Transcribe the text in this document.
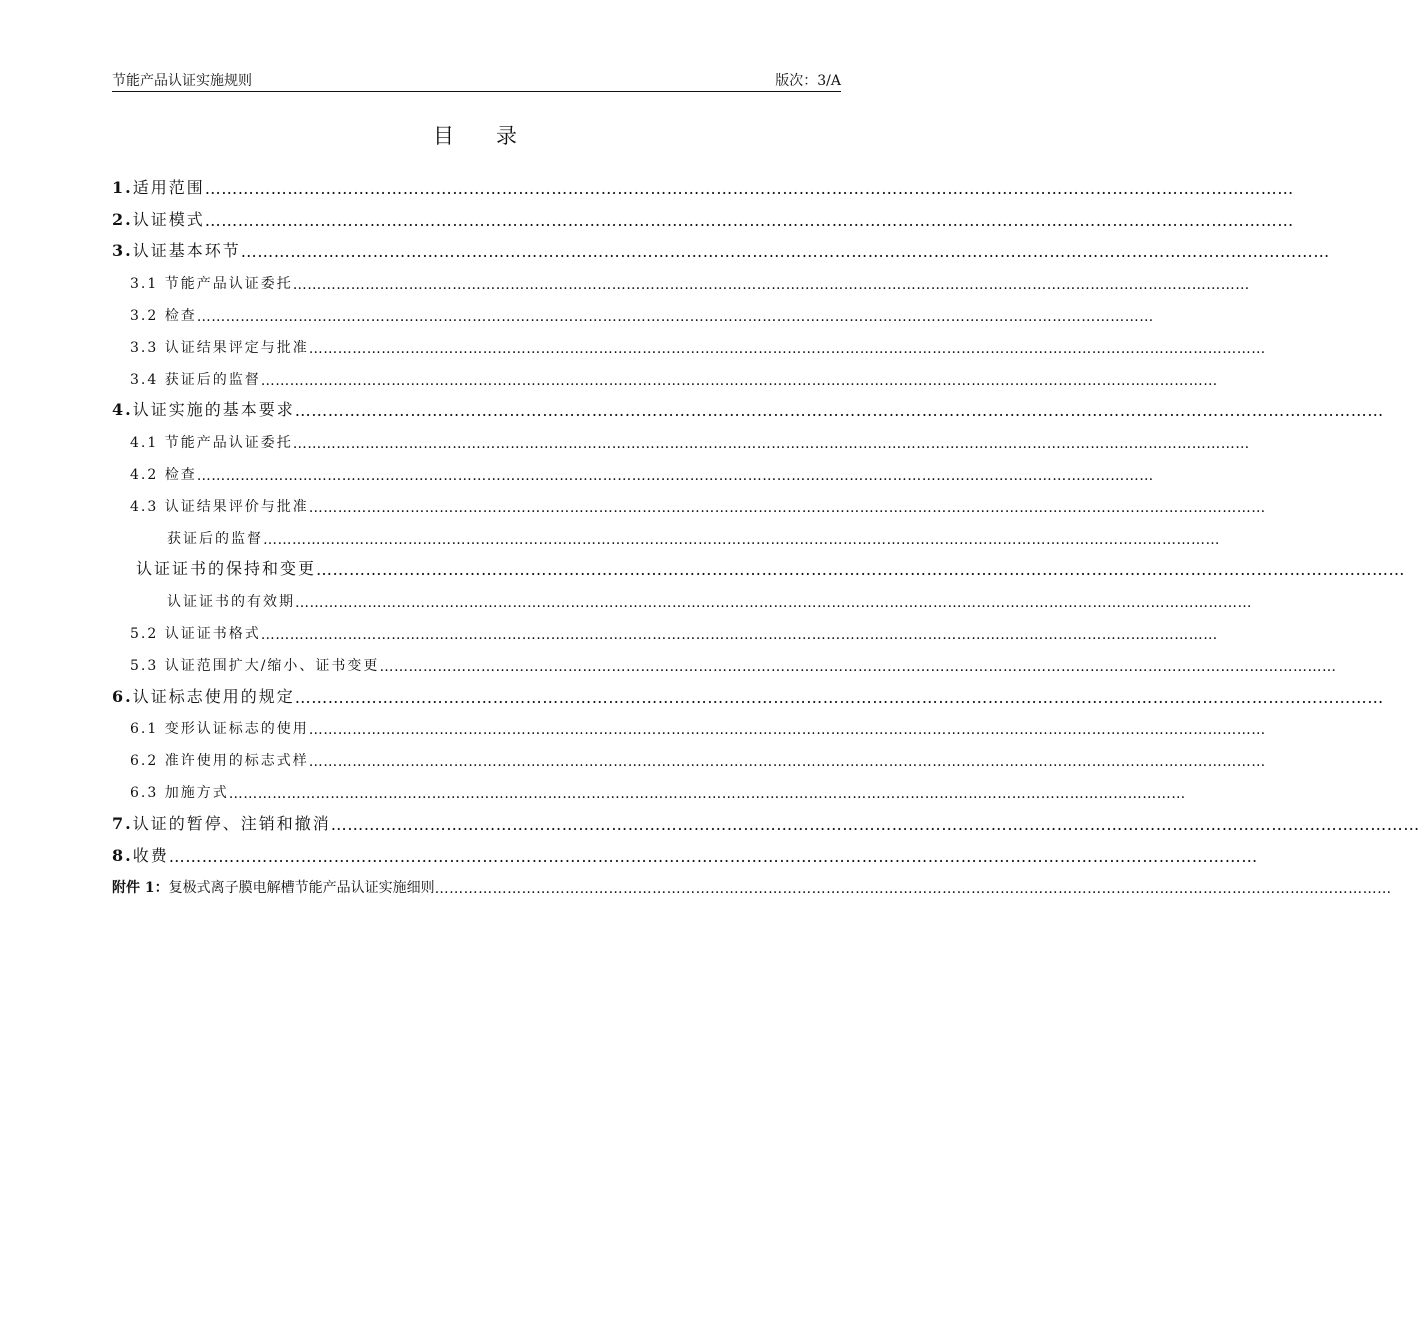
节能产品认证实施规则	版次：3/A
目录
1.适用范围 ………………………………………………………………………………………………………………………………………………………………………………
2.认证模式 ………………………………………………………………………………………………………………………………………………………………………………
3.认证基本环节 ………………………………………………………………………………………………………………………………………………………………………………
3.1 节能产品认证委托 ………………………………………………………………………………………………………………………………………………………………………………
3.2 检查 ………………………………………………………………………………………………………………………………………………………………………………
3.3 认证结果评定与批准 ………………………………………………………………………………………………………………………………………………………………………………
3.4 获证后的监督 ………………………………………………………………………………………………………………………………………………………………………………
4.认证实施的基本要求 ………………………………………………………………………………………………………………………………………………………………………………
4.1 节能产品认证委托 ………………………………………………………………………………………………………………………………………………………………………………
4.2 检查 ………………………………………………………………………………………………………………………………………………………………………………
4.3 认证结果评价与批准 ………………………………………………………………………………………………………………………………………………………………………………
获证后的监督 ………………………………………………………………………………………………………………………………………………………………………………
认证证书的保持和变更 ………………………………………………………………………………………………………………………………………………………………………………
认证证书的有效期 ………………………………………………………………………………………………………………………………………………………………………………
5.2 认证证书格式 ………………………………………………………………………………………………………………………………………………………………………………
5.3 认证范围扩大/缩小、证书变更 ………………………………………………………………………………………………………………………………………………………………………………
6.认证标志使用的规定 ………………………………………………………………………………………………………………………………………………………………………………
6.1 变形认证标志的使用 ………………………………………………………………………………………………………………………………………………………………………………
6.2 准许使用的标志式样 ………………………………………………………………………………………………………………………………………………………………………………
6.3 加施方式 ………………………………………………………………………………………………………………………………………………………………………………
7.认证的暂停、注销和撤消 ………………………………………………………………………………………………………………………………………………………………………………
8.收费 ………………………………………………………………………………………………………………………………………………………………………………
附件 1：复极式离子膜电解槽节能产品认证实施细则 ………………………………………………………………………………………………………………………………………………………………………………
